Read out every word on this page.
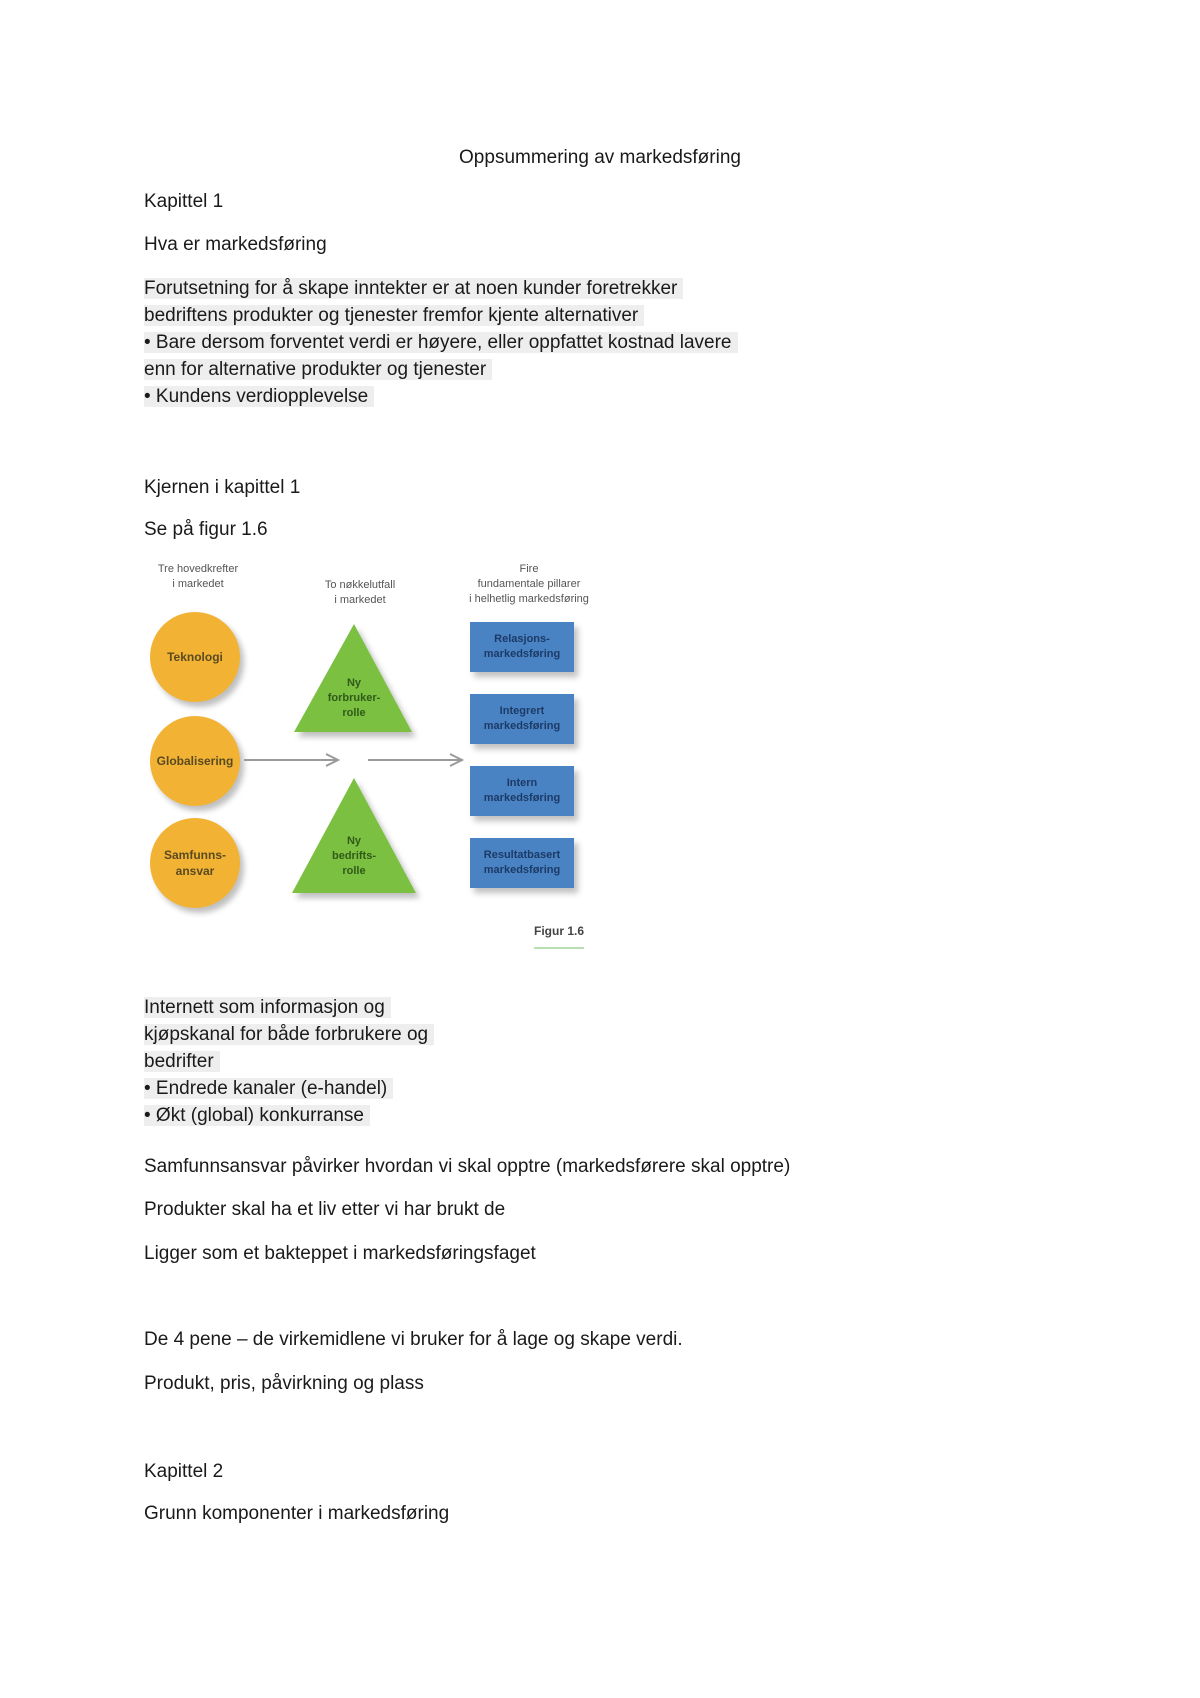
Oppsummering av markedsføring
Kapittel 1
Hva er markedsføring
Forutsetning for å skape inntekter er at noen kunder foretrekker
bedriftens produkter og tjenester fremfor kjente alternativer
• Bare dersom forventet verdi er høyere, eller oppfattet kostnad lavere
enn for alternative produkter og tjenester
• Kundens verdiopplevelse
Kjernen i kapittel 1
Se på figur 1.6
Tre hovedkrefter
i markedet	To nøkkelutfall
i markedet
Fire
fundamentale pillarer
i helhetlig markedsføring
Teknologi
Globalisering
Samfunns-
ansvar
Ny
forbruker-
rolle
Ny
bedrifts-
rolle
Relasjons-
markedsføring
Integrert
markedsføring
Intern
markedsføring
Resultatbasert
markedsføring
Figur 1.6
Internett som informasjon og
kjøpskanal for både forbrukere og
bedrifter
• Endrede kanaler (e-handel)
• Økt (global) konkurranse
Samfunnsansvar påvirker hvordan vi skal opptre (markedsførere skal opptre)
Produkter skal ha et liv etter vi har brukt de
Ligger som et bakteppet i markedsføringsfaget
De 4 pene – de virkemidlene vi bruker for å lage og skape verdi.
Produkt, pris, påvirkning og plass
Kapittel 2
Grunn komponenter i markedsføring
